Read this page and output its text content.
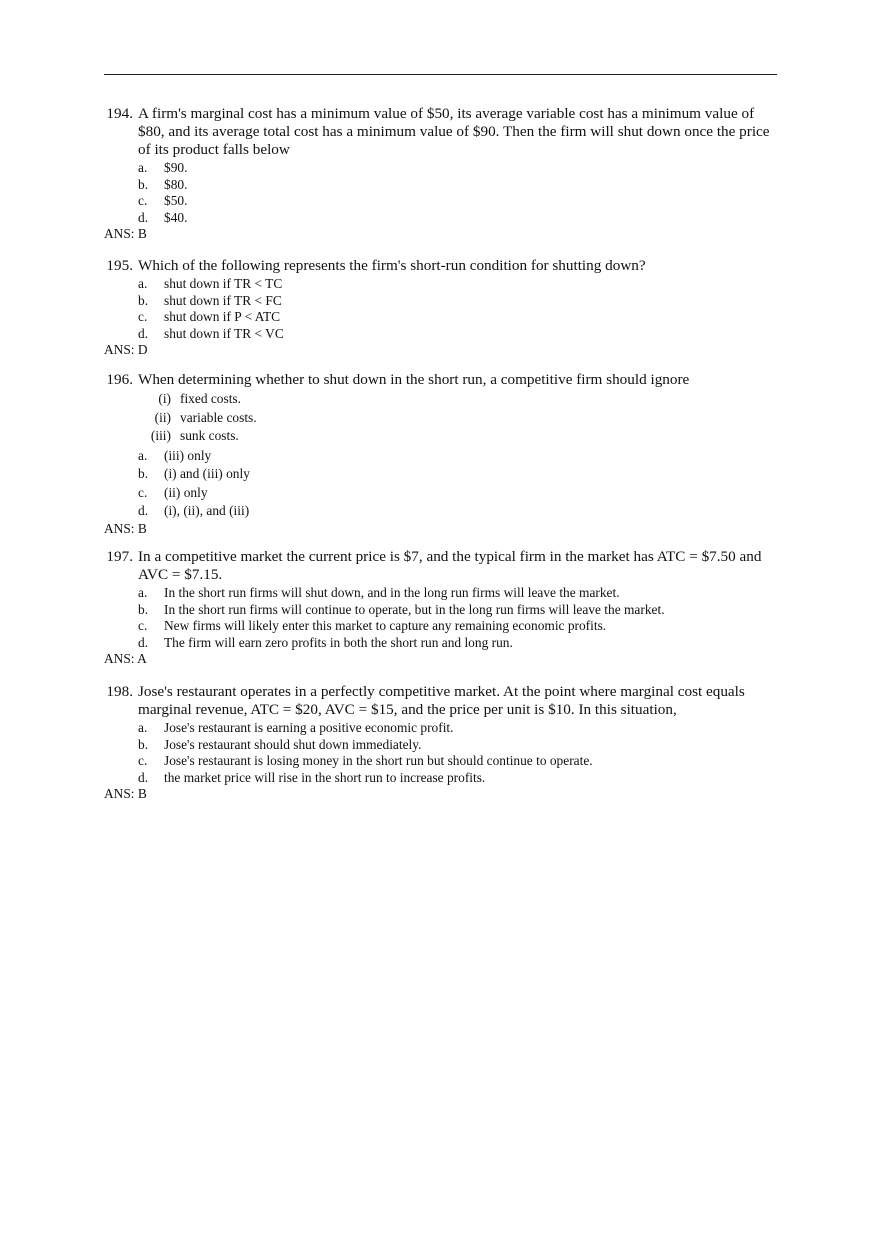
194. A firm's marginal cost has a minimum value of $50, its average variable cost has a minimum value of $80, and its average total cost has a minimum value of $90. Then the firm will shut down once the price of its product falls below
a.	$90.
b.	$80.
c.	$50.
d.	$40.
ANS: B
195. Which of the following represents the firm's short-run condition for shutting down?
a.	shut down if TR < TC
b.	shut down if TR < FC
c.	shut down if P < ATC
d.	shut down if TR < VC
ANS: D
196. When determining whether to shut down in the short run, a competitive firm should ignore
(i) fixed costs.
(ii) variable costs.
(iii) sunk costs.
a.	(iii) only
b.	(i) and (iii) only
c.	(ii) only
d.	(i), (ii), and (iii)
ANS: B
197. In a competitive market the current price is $7, and the typical firm in the market has ATC = $7.50 and AVC = $7.15.
a.	In the short run firms will shut down, and in the long run firms will leave the market.
b.	In the short run firms will continue to operate, but in the long run firms will leave the market.
c.	New firms will likely enter this market to capture any remaining economic profits.
d.	The firm will earn zero profits in both the short run and long run.
ANS: A
198. Jose's restaurant operates in a perfectly competitive market. At the point where marginal cost equals marginal revenue, ATC = $20, AVC = $15, and the price per unit is $10. In this situation,
a.	Jose's restaurant is earning a positive economic profit.
b.	Jose's restaurant should shut down immediately.
c.	Jose's restaurant is losing money in the short run but should continue to operate.
d.	the market price will rise in the short run to increase profits.
ANS: B
